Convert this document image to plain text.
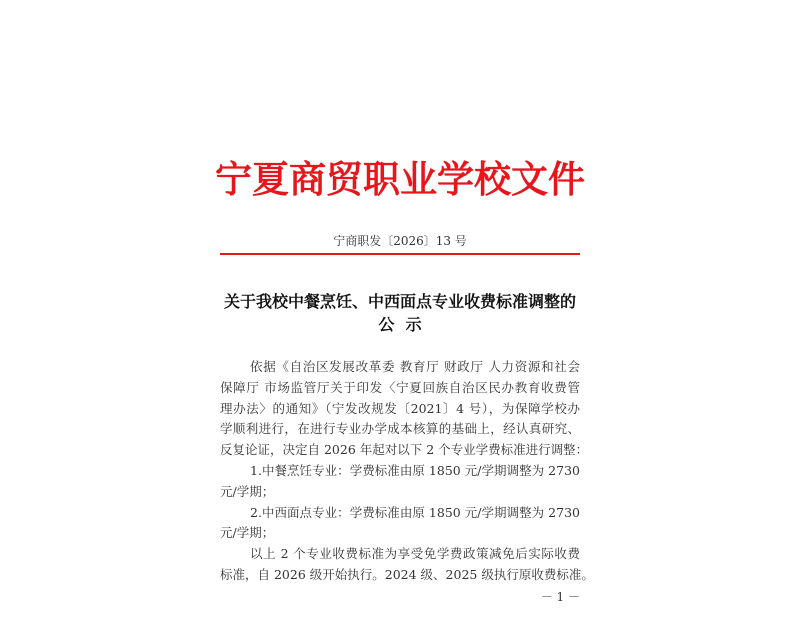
宁夏商贸职业学校文件
宁商职发〔2026〕13 号
关于我校中餐烹饪、中西面点专业收费标准调整的
公  示
依据《自治区发展改革委 教育厅 财政厅 人力资源和社会
保障厅 市场监管厅关于印发〈宁夏回族自治区民办教育收费管
理办法〉的通知》（宁发改规发〔2021〕4 号），为保障学校办
学顺利进行，在进行专业办学成本核算的基础上，经认真研究、
反复论证，决定自 2026 年起对以下 2 个专业学费标准进行调整：
1.中餐烹饪专业：学费标准由原 1850 元/学期调整为 2730
元/学期；
2.中西面点专业：学费标准由原 1850 元/学期调整为 2730
元/学期；
以上 2 个专业收费标准为享受免学费政策减免后实际收费
标准，自 2026 级开始执行。2024 级、2025 级执行原收费标准。
－ 1 －
